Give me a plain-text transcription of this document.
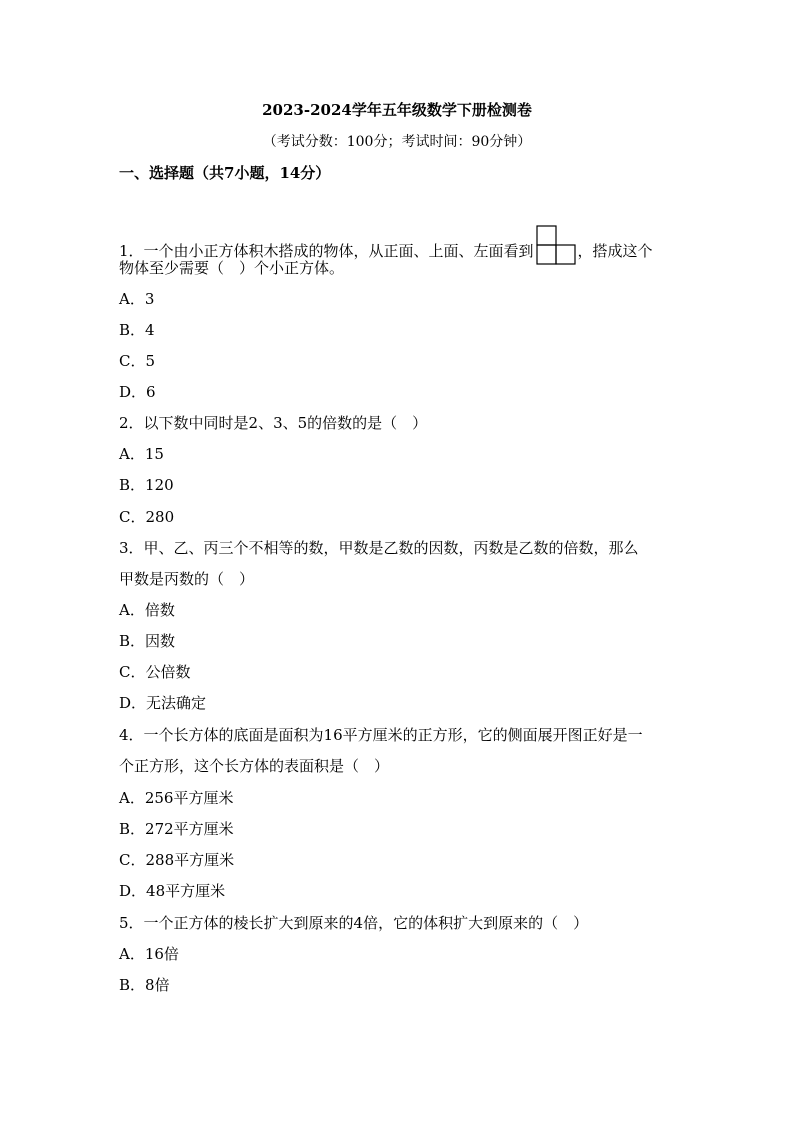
2023-2024学年五年级数学下册检测卷
（考试分数：100分；考试时间：90分钟）
一、选择题（共7小题，14分）
1．一个由小正方体积木搭成的物体，从正面、上面、左面看到	，搭成这个
物体至少需要（　）个小正方体。
A．3
B．4
C．5
D．6
2．以下数中同时是2、3、5的倍数的是（　）
A．15
B．120
C．280
3．甲、乙、丙三个不相等的数，甲数是乙数的因数，丙数是乙数的倍数，那么
甲数是丙数的（　）
A．倍数
B．因数
C．公倍数
D．无法确定
4．一个长方体的底面是面积为16平方厘米的正方形，它的侧面展开图正好是一
个正方形，这个长方体的表面积是（　）
A．256平方厘米
B．272平方厘米
C．288平方厘米
D．48平方厘米
5．一个正方体的棱长扩大到原来的4倍，它的体积扩大到原来的（　）
A．16倍
B．8倍
